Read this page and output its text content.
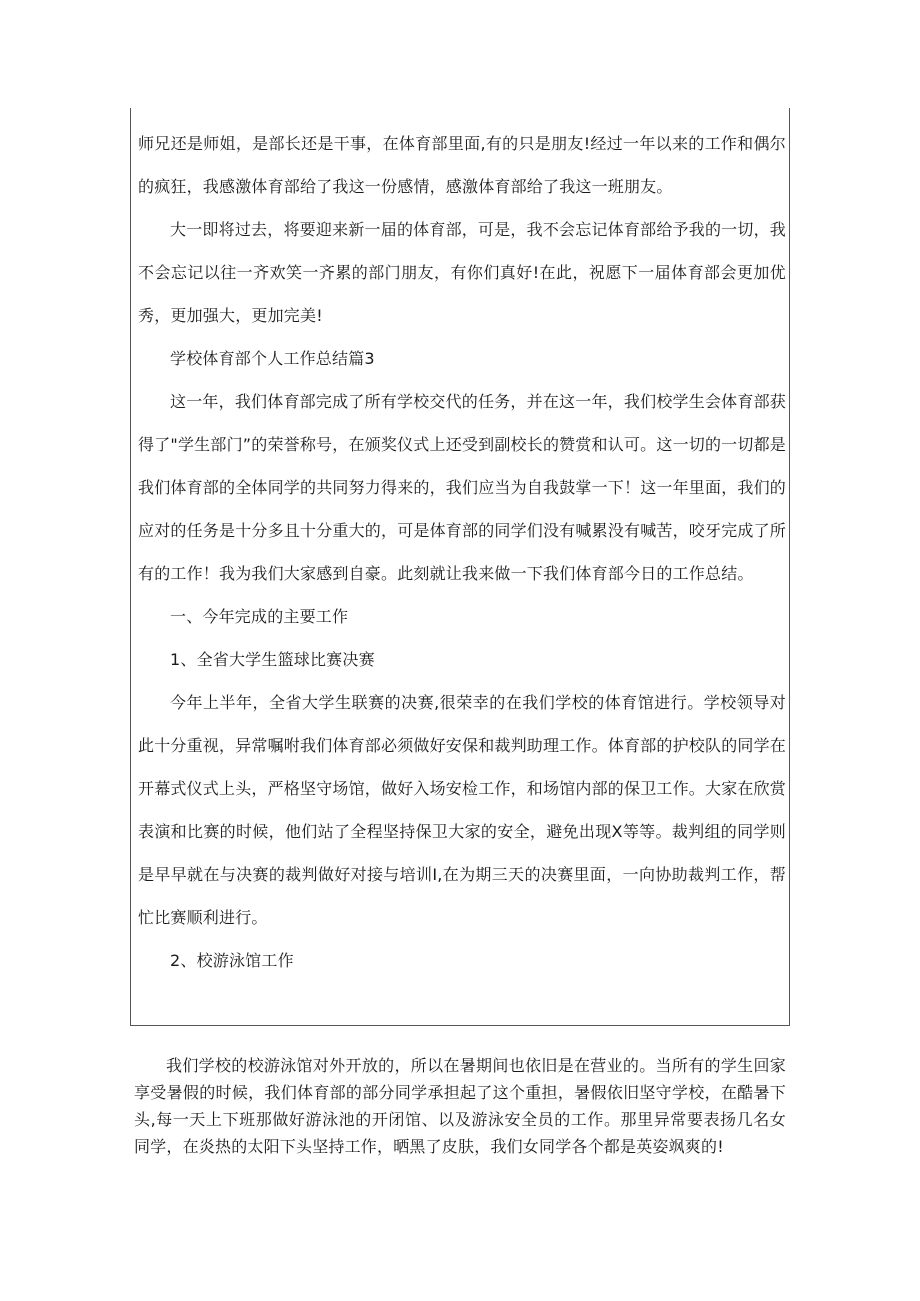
师兄还是师姐，是部长还是干事，在体育部里面,有的只是朋友!经过一年以来的工作和偶尔的疯狂，我感激体育部给了我这一份感情，感激体育部给了我这一班朋友。

大一即将过去，将要迎来新一届的体育部，可是，我不会忘记体育部给予我的一切，我不会忘记以往一齐欢笑一齐累的部门朋友，有你们真好!在此，祝愿下一届体育部会更加优秀，更加强大，更加完美!

学校体育部个人工作总结篇3

这一年，我们体育部完成了所有学校交代的任务，并在这一年，我们校学生会体育部获得了"学生部门”的荣誉称号，在颁奖仪式上还受到副校长的赞赏和认可。这一切的一切都是我们体育部的全体同学的共同努力得来的，我们应当为自我鼓掌一下！这一年里面，我们的应对的任务是十分多且十分重大的，可是体育部的同学们没有喊累没有喊苦，咬牙完成了所有的工作！我为我们大家感到自豪。此刻就让我来做一下我们体育部今日的工作总结。

一、今年完成的主要工作

1、全省大学生篮球比赛决赛

今年上半年，全省大学生联赛的决赛,很荣幸的在我们学校的体育馆进行。学校领导对此十分重视，异常嘱咐我们体育部必须做好安保和裁判助理工作。体育部的护校队的同学在开幕式仪式上头，严格坚守场馆，做好入场安检工作，和场馆内部的保卫工作。大家在欣赏表演和比赛的时候，他们站了全程坚持保卫大家的安全，避免出现X等等。裁判组的同学则是早早就在与决赛的裁判做好对接与培训I,在为期三天的决赛里面，一向协助裁判工作，帮忙比赛顺利进行。

2、校游泳馆工作

我们学校的校游泳馆对外开放的，所以在暑期间也依旧是在营业的。当所有的学生回家享受暑假的时候，我们体育部的部分同学承担起了这个重担，暑假依旧坚守学校，在酷暑下头,每一天上下班那做好游泳池的开闭馆、以及游泳安全员的工作。那里异常要表扬几名女同学，在炎热的太阳下头坚持工作，晒黑了皮肤，我们女同学各个都是英姿飒爽的!
